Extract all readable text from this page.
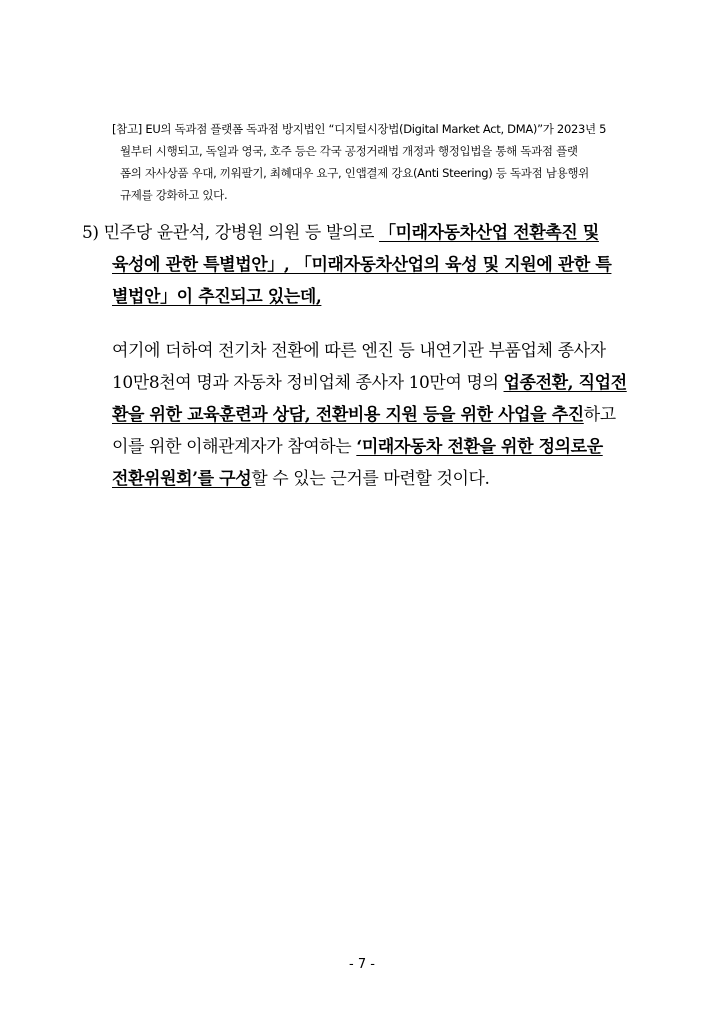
[참고] EU의 독과점 플랫폼 독과점 방지법인 “디지털시장법(Digital Market Act, DMA)”가 2023년 5
월부터 시행되고, 독일과 영국, 호주 등은 각국 공정거래법 개정과 행정입법을 통해 독과점 플랫
폼의 자사상품 우대, 끼워팔기, 최혜대우 요구, 인앱결제 강요(Anti Steering) 등 독과점 남용행위
규제를 강화하고 있다.
5) 민주당 윤관석, 강병원 의원 등 발의로 「미래자동차산업 전환촉진 및
육성에 관한 특별법안」, 「미래자동차산업의 육성 및 지원에 관한 특
별법안」이 추진되고 있는데,
여기에 더하여 전기차 전환에 따른 엔진 등 내연기관 부품업체 종사자
10만8천여 명과 자동차 정비업체 종사자 10만여 명의 업종전환, 직업전
환을 위한 교육훈련과 상담, 전환비용 지원 등을 위한 사업을 추진하고
이를 위한 이해관계자가 참여하는 ‘미래자동차 전환을 위한 정의로운
전환위원회’를 구성할 수 있는 근거를 마련할 것이다.
- 7 -
